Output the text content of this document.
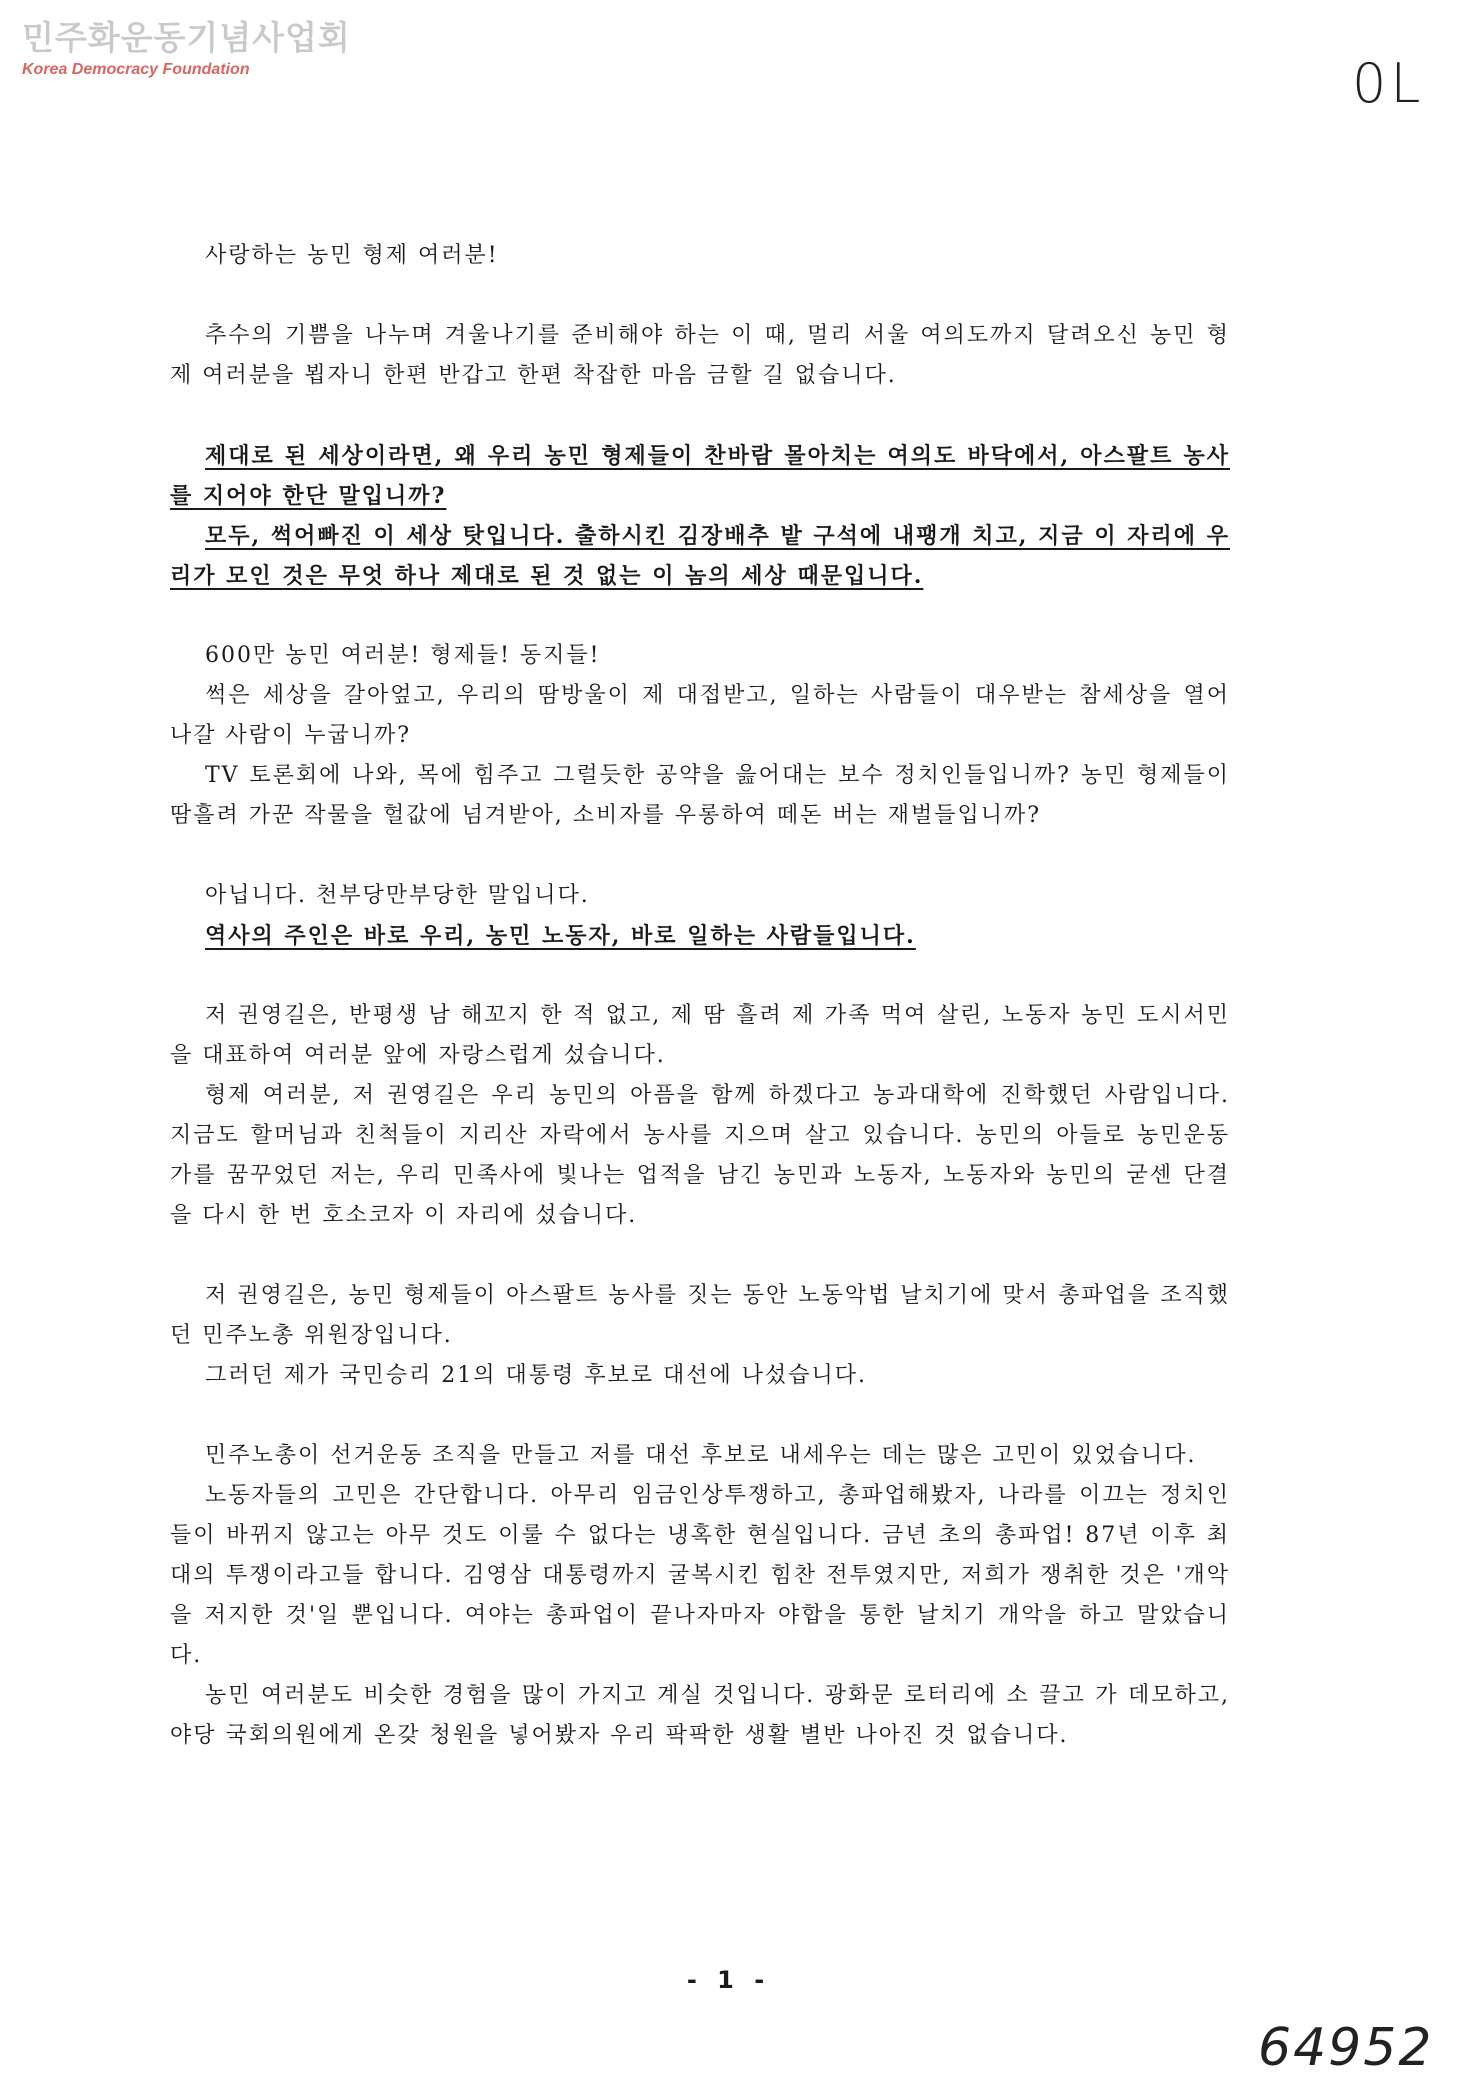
민주화운동기념사업회
Korea Democracy Foundation	0L

사랑하는 농민 형제 여러분!

추수의 기쁨을 나누며 겨울나기를 준비해야 하는 이 때, 멀리 서울 여의도까지 달려오신 농민 형제 여러분을 뵙자니 한편 반갑고 한편 착잡한 마음 금할 길 없습니다.

제대로 된 세상이라면, 왜 우리 농민 형제들이 찬바람 몰아치는 여의도 바닥에서, 아스팔트 농사를 지어야 한단 말입니까?

모두, 썩어빠진 이 세상 탓입니다. 출하시킨 김장배추 밭 구석에 내팽개 치고, 지금 이 자리에 우리가 모인 것은 무엇 하나 제대로 된 것 없는 이 놈의 세상 때문입니다.

600만 농민 여러분! 형제들! 동지들!

썩은 세상을 갈아엎고, 우리의 땀방울이 제 대접받고, 일하는 사람들이 대우받는 참세상을 열어 나갈 사람이 누굽니까?

TV 토론회에 나와, 목에 힘주고 그럴듯한 공약을 읊어대는 보수 정치인들입니까? 농민 형제들이 땀흘려 가꾼 작물을 헐값에 넘겨받아, 소비자를 우롱하여 떼돈 버는 재벌들입니까?

아닙니다. 천부당만부당한 말입니다.

역사의 주인은 바로 우리, 농민 노동자, 바로 일하는 사람들입니다.

저 권영길은, 반평생 남 해꼬지 한 적 없고, 제 땀 흘려 제 가족 먹여 살린, 노동자 농민 도시서민을 대표하여 여러분 앞에 자랑스럽게 섰습니다.

형제 여러분, 저 권영길은 우리 농민의 아픔을 함께 하겠다고 농과대학에 진학했던 사람입니다. 지금도 할머님과 친척들이 지리산 자락에서 농사를 지으며 살고 있습니다. 농민의 아들로 농민운동가를 꿈꾸었던 저는, 우리 민족사에 빛나는 업적을 남긴 농민과 노동자, 노동자와 농민의 굳센 단결을 다시 한 번 호소코자 이 자리에 섰습니다.

저 권영길은, 농민 형제들이 아스팔트 농사를 짓는 동안 노동악법 날치기에 맞서 총파업을 조직했던 민주노총 위원장입니다.

그러던 제가 국민승리 21의 대통령 후보로 대선에 나섰습니다.

민주노총이 선거운동 조직을 만들고 저를 대선 후보로 내세우는 데는 많은 고민이 있었습니다.

노동자들의 고민은 간단합니다. 아무리 임금인상투쟁하고, 총파업해봤자, 나라를 이끄는 정치인들이 바뀌지 않고는 아무 것도 이룰 수 없다는 냉혹한 현실입니다. 금년 초의 총파업! 87년 이후 최대의 투쟁이라고들 합니다. 김영삼 대통령까지 굴복시킨 힘찬 전투였지만, 저희가 쟁취한 것은 '개악을 저지한 것'일 뿐입니다. 여야는 총파업이 끝나자마자 야합을 통한 날치기 개악을 하고 말았습니다.

농민 여러분도 비슷한 경험을 많이 가지고 계실 것입니다. 광화문 로터리에 소 끌고 가 데모하고, 야당 국회의원에게 온갖 청원을 넣어봤자 우리 팍팍한 생활 별반 나아진 것 없습니다.

- 1 -
64952
